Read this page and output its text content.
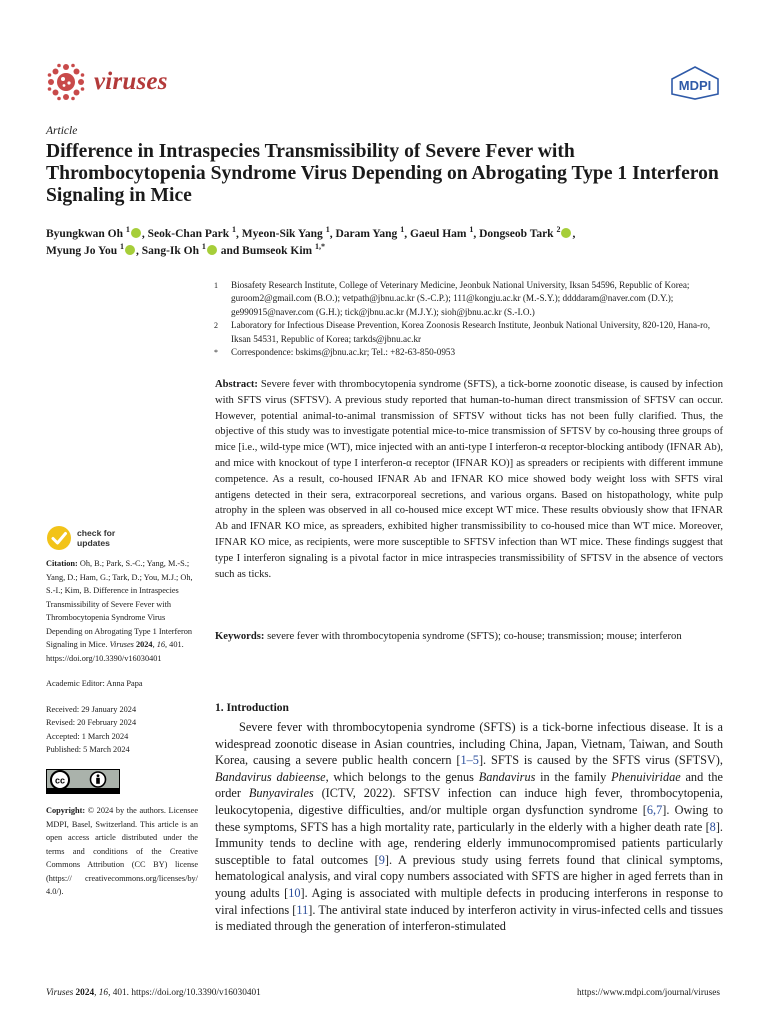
viruses	MDPI
Article
Difference in Intraspecies Transmissibility of Severe Fever with Thrombocytopenia Syndrome Virus Depending on Abrogating Type 1 Interferon Signaling in Mice
Byungkwan Oh $^1$ , Seok-Chan Park $^1$, Myeon-Sik Yang $^1$, Daram Yang $^1$, Gaeul Ham $^1$, Dongseob Tark $^2$ ,
Myung Jo You $^1$ , Sang-Ik Oh $^1$ and Bumseok Kim $^{1,*}$
1 Biosafety Research Institute, College of Veterinary Medicine, Jeonbuk National University, Iksan 54596, Republic of Korea; guroom2@gmail.com (B.O.); vetpath@jbnu.ac.kr (S.-C.P.); 111@kongju.ac.kr (M.-S.Y.); ddddaram@naver.com (D.Y.); ge990915@naver.com (G.H.); tick@jbnu.ac.kr (M.J.Y.); sioh@jbnu.ac.kr (S.-I.O.)
2 Laboratory for Infectious Disease Prevention, Korea Zoonosis Research Institute, Jeonbuk National University, 820-120, Hana-ro, Iksan 54531, Republic of Korea; tarkds@jbnu.ac.kr
* Correspondence: bskims@jbnu.ac.kr; Tel.: +82-63-850-0953
Abstract: Severe fever with thrombocytopenia syndrome (SFTS), a tick-borne zoonotic disease, is caused by infection with SFTS virus (SFTSV). A previous study reported that human-to-human direct transmission of SFTSV can occur. However, potential animal-to-animal transmission of SFTSV without ticks has not been fully clarified. Thus, the objective of this study was to investigate potential mice-to-mice transmission of SFTSV by co-housing three groups of mice [i.e., wild-type mice (WT), mice injected with an anti-type I interferon-α receptor-blocking antibody (IFNAR Ab), and mice with knockout of type I interferon-α receptor (IFNAR KO)] as spreaders or recipients with different immune competence. As a result, co-housed IFNAR Ab and IFNAR KO mice showed body weight loss with SFTS viral antigens detected in their sera, extracorporeal secretions, and various organs. Based on histopathology, white pulp atrophy in the spleen was observed in all co-housed mice except WT mice. These results obviously show that IFNAR Ab and IFNAR KO mice, as spreaders, exhibited higher transmissibility to co-housed mice than WT mice. Moreover, IFNAR KO mice, as recipients, were more susceptible to SFTSV infection than WT mice. These findings suggest that type I interferon signaling is a pivotal factor in mice intraspecies transmissibility of SFTSV in the absence of vectors such as ticks.
Keywords: severe fever with thrombocytopenia syndrome (SFTS); co-house; transmission; mouse; interferon
check for
updates
Citation: Oh, B.; Park, S.-C.; Yang, M.-S.; Yang, D.; Ham, G.; Tark, D.; You, M.J.; Oh, S.-I.; Kim, B. Difference in Intraspecies Transmissibility of Severe Fever with Thrombocytopenia Syndrome Virus Depending on Abrogating Type 1 Interferon Signaling in Mice. Viruses 2024, 16, 401. https://doi.org/10.3390/v16030401
Academic Editor: Anna Papa
Received: 29 January 2024
Revised: 20 February 2024
Accepted: 1 March 2024
Published: 5 March 2024
cc
Copyright: © 2024 by the authors. Licensee MDPI, Basel, Switzerland. This article is an open access article distributed under the terms and conditions of the Creative Commons Attribution (CC BY) license (https:// creativecommons.org/licenses/by/ 4.0/).
1. Introduction

Severe fever with thrombocytopenia syndrome (SFTS) is a tick-borne infectious disease. It is a widespread zoonotic disease in Asian countries, including China, Japan, Vietnam, Taiwan, and South Korea, causing a severe public health concern [1–5]. SFTS is caused by the SFTS virus (SFTSV), Bandavirus dabieense, which belongs to the genus Bandavirus in the family Phenuiviridae and the order Bunyavirales (ICTV, 2022). SFTSV infection can induce high fever, thrombocytopenia, leukocytopenia, digestive difficulties, and/or multiple organ dysfunction syndrome [6,7]. Owing to these symptoms, SFTS has a high mortality rate, particularly in the elderly with a higher death rate [8]. Immunity tends to decline with age, rendering elderly immunocompromised patients particularly susceptible to fatal outcomes [9]. A previous study using ferrets found that clinical symptoms, hematological analysis, and viral copy numbers associated with SFTS are higher in aged ferrets than in young adults [10]. Aging is associated with multiple defects in producing interferons in response to viral infections [11]. The antiviral state induced by interferon activity in virus-infected cells and tissues is mediated through the generation of interferon-stimulated

Viruses 2024, 16, 401. https://doi.org/10.3390/v16030401	https://www.mdpi.com/journal/viruses
